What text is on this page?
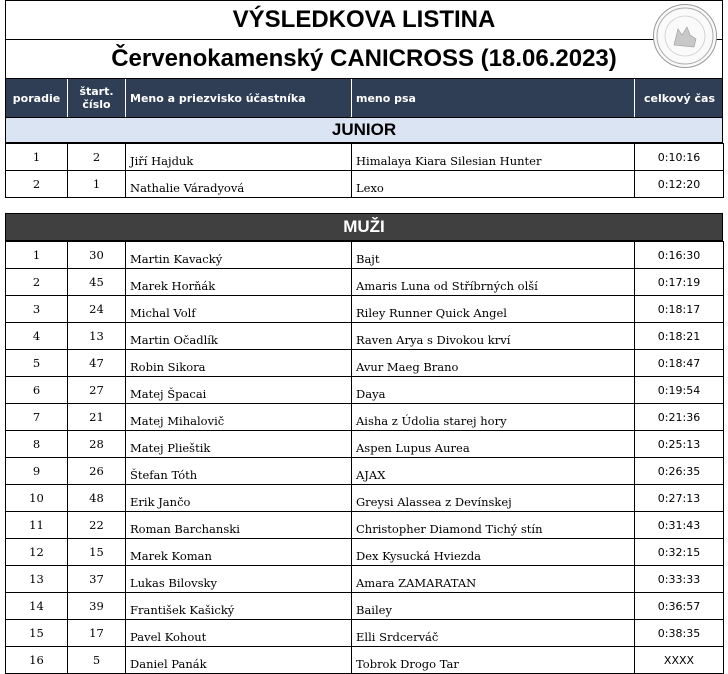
VÝSLEDKOVA LISTINA
Červenokamenský CANICROSS (18.06.2023)
poradie	štart.
číslo	Meno a priezvisko účastníka	meno psa	celkový čas
JUNIOR
1	2	Jiří Hajduk	Himalaya Kiara Silesian Hunter	0:10:16
2	1	Nathalie Váradyová	Lexo	0:12:20
MUŽI
1	30	Martin Kavacký	Bajt	0:16:30
2	45	Marek Horňák	Amaris Luna od Stříbrných olší	0:17:19
3	24	Michal Volf	Riley Runner Quick Angel	0:18:17
4	13	Martin Očadlík	Raven Arya s Divokou krví	0:18:21
5	47	Robin Sikora	Avur Maeg Brano	0:18:47
6	27	Matej Špacai	Daya	0:19:54
7	21	Matej Mihalovič	Aisha z Údolia starej hory	0:21:36
8	28	Matej Plieštik	Aspen Lupus Aurea	0:25:13
9	26	Štefan Tóth	AJAX	0:26:35
10	48	Erik Jančo	Greysi Alassea z Devínskej	0:27:13
11	22	Roman Barchanski	Christopher Diamond Tichý stín	0:31:43
12	15	Marek Koman	Dex Kysucká Hviezda	0:32:15
13	37	Lukas Bilovsky	Amara ZAMARATAN	0:33:33
14	39	František Kašický	Bailey	0:36:57
15	17	Pavel Kohout	Elli Srdcerváč	0:38:35
16	5	Daniel Panák	Tobrok Drogo Tar	XXXX
